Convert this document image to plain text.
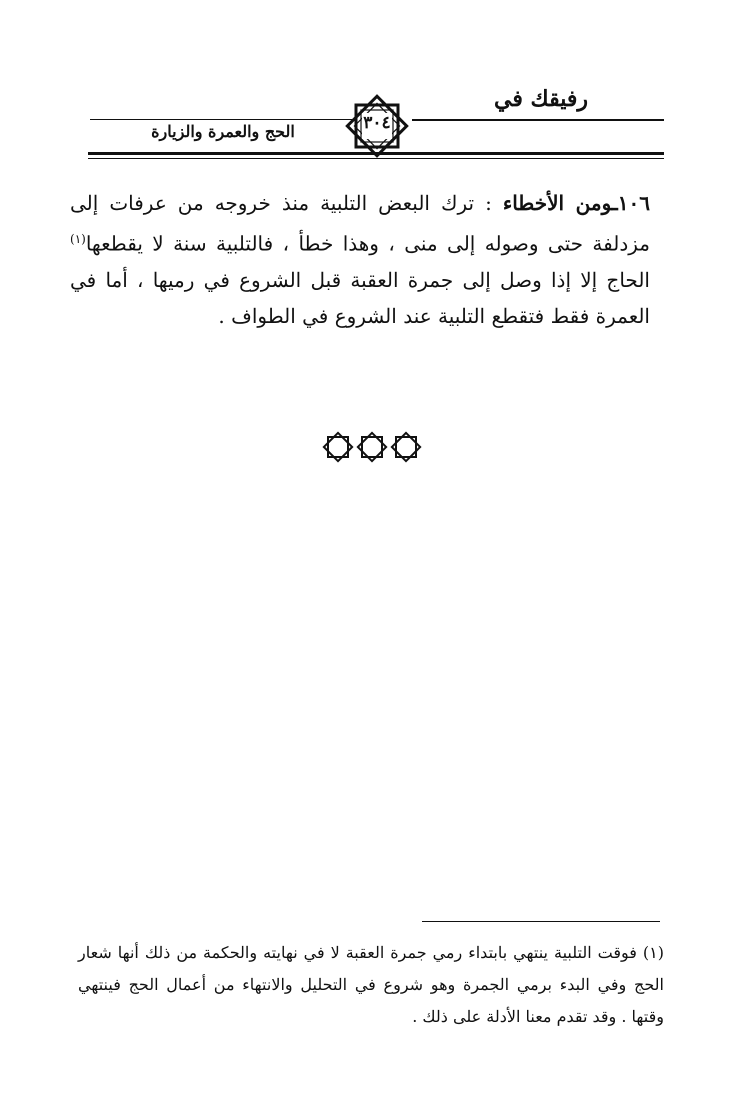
رفيقك في
٣٠٤
الحج والعمرة والزيارة
١٠٦ـومن الأخطاء : ترك البعض التلبية منذ خروجه من عرفات إلى مزدلفة حتى وصوله إلى منى ، وهذا خطأ ، فالتلبية سنة لا يقطعها$^{(١)}$ الحاج إلا إذا وصل إلى جمرة العقبة قبل الشروع في رميها ، أما في العمرة فقط فتقطع التلبية عند الشروع في الطواف .
(١) فوقت التلبية ينتهي بابتداء رمي جمرة العقبة لا في نهايته والحكمة من ذلك أنها شعار الحج وفي البدء برمي الجمرة وهو شروع في التحليل والانتهاء من أعمال الحج فينتهي وقتها . وقد تقدم معنا الأدلة على ذلك .
